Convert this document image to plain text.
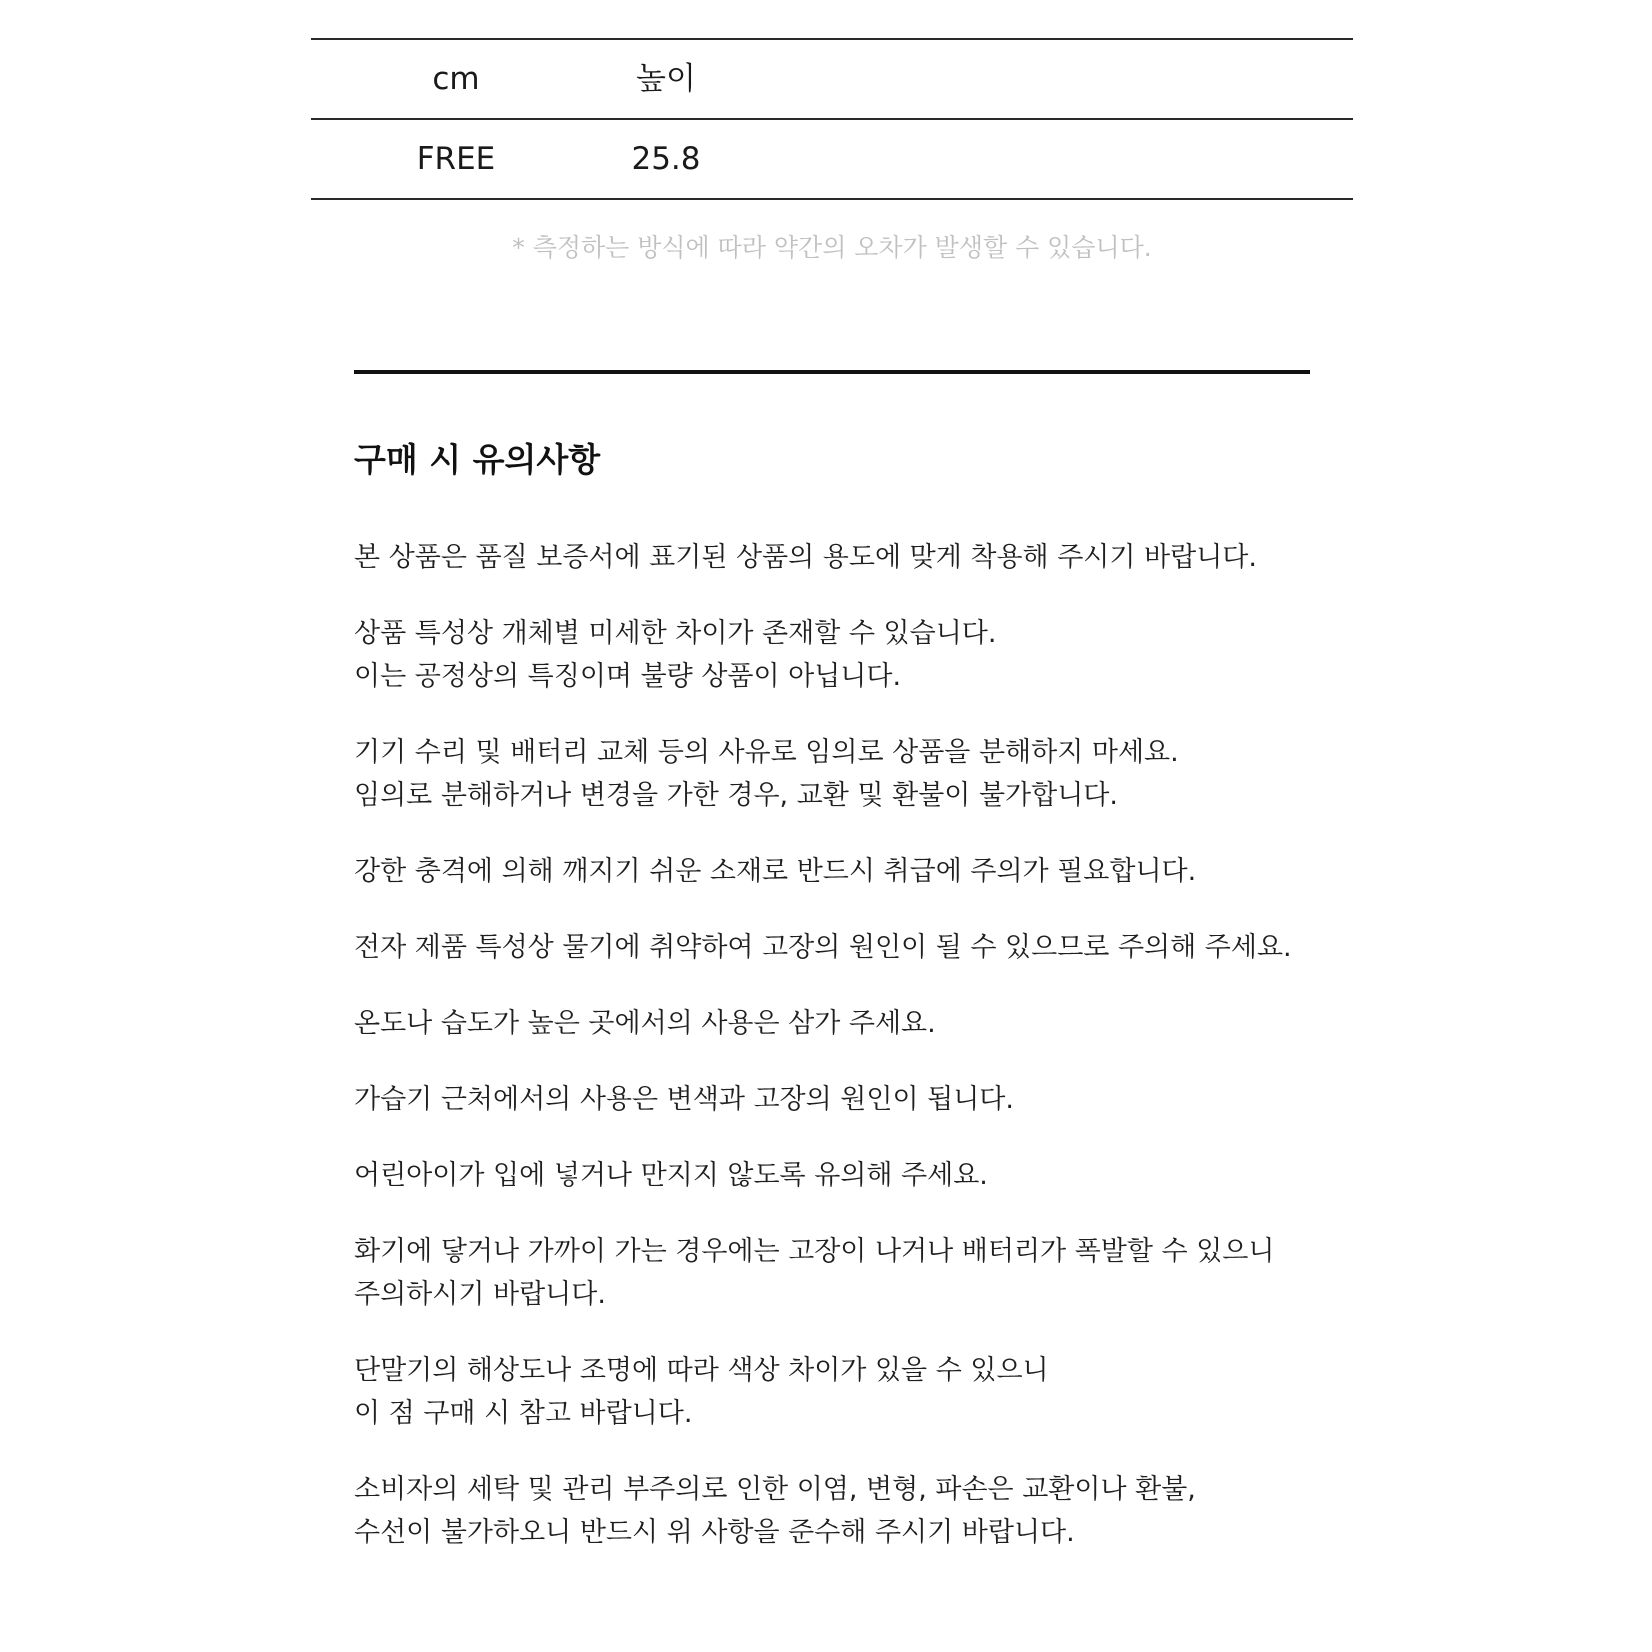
cm	높이
FREE	25.8
* 측정하는 방식에 따라 약간의 오차가 발생할 수 있습니다.
구매 시 유의사항
본 상품은 품질 보증서에 표기된 상품의 용도에 맞게 착용해 주시기 바랍니다.
상품 특성상 개체별 미세한 차이가 존재할 수 있습니다.
이는 공정상의 특징이며 불량 상품이 아닙니다.
기기 수리 및 배터리 교체 등의 사유로 임의로 상품을 분해하지 마세요.
임의로 분해하거나 변경을 가한 경우, 교환 및 환불이 불가합니다.
강한 충격에 의해 깨지기 쉬운 소재로 반드시 취급에 주의가 필요합니다.
전자 제품 특성상 물기에 취약하여 고장의 원인이 될 수 있으므로 주의해 주세요.
온도나 습도가 높은 곳에서의 사용은 삼가 주세요.
가습기 근처에서의 사용은 변색과 고장의 원인이 됩니다.
어린아이가 입에 넣거나 만지지 않도록 유의해 주세요.
화기에 닿거나 가까이 가는 경우에는 고장이 나거나 배터리가 폭발할 수 있으니
주의하시기 바랍니다.
단말기의 해상도나 조명에 따라 색상 차이가 있을 수 있으니
이 점 구매 시 참고 바랍니다.
소비자의 세탁 및 관리 부주의로 인한 이염, 변형, 파손은 교환이나 환불,
수선이 불가하오니 반드시 위 사항을 준수해 주시기 바랍니다.
